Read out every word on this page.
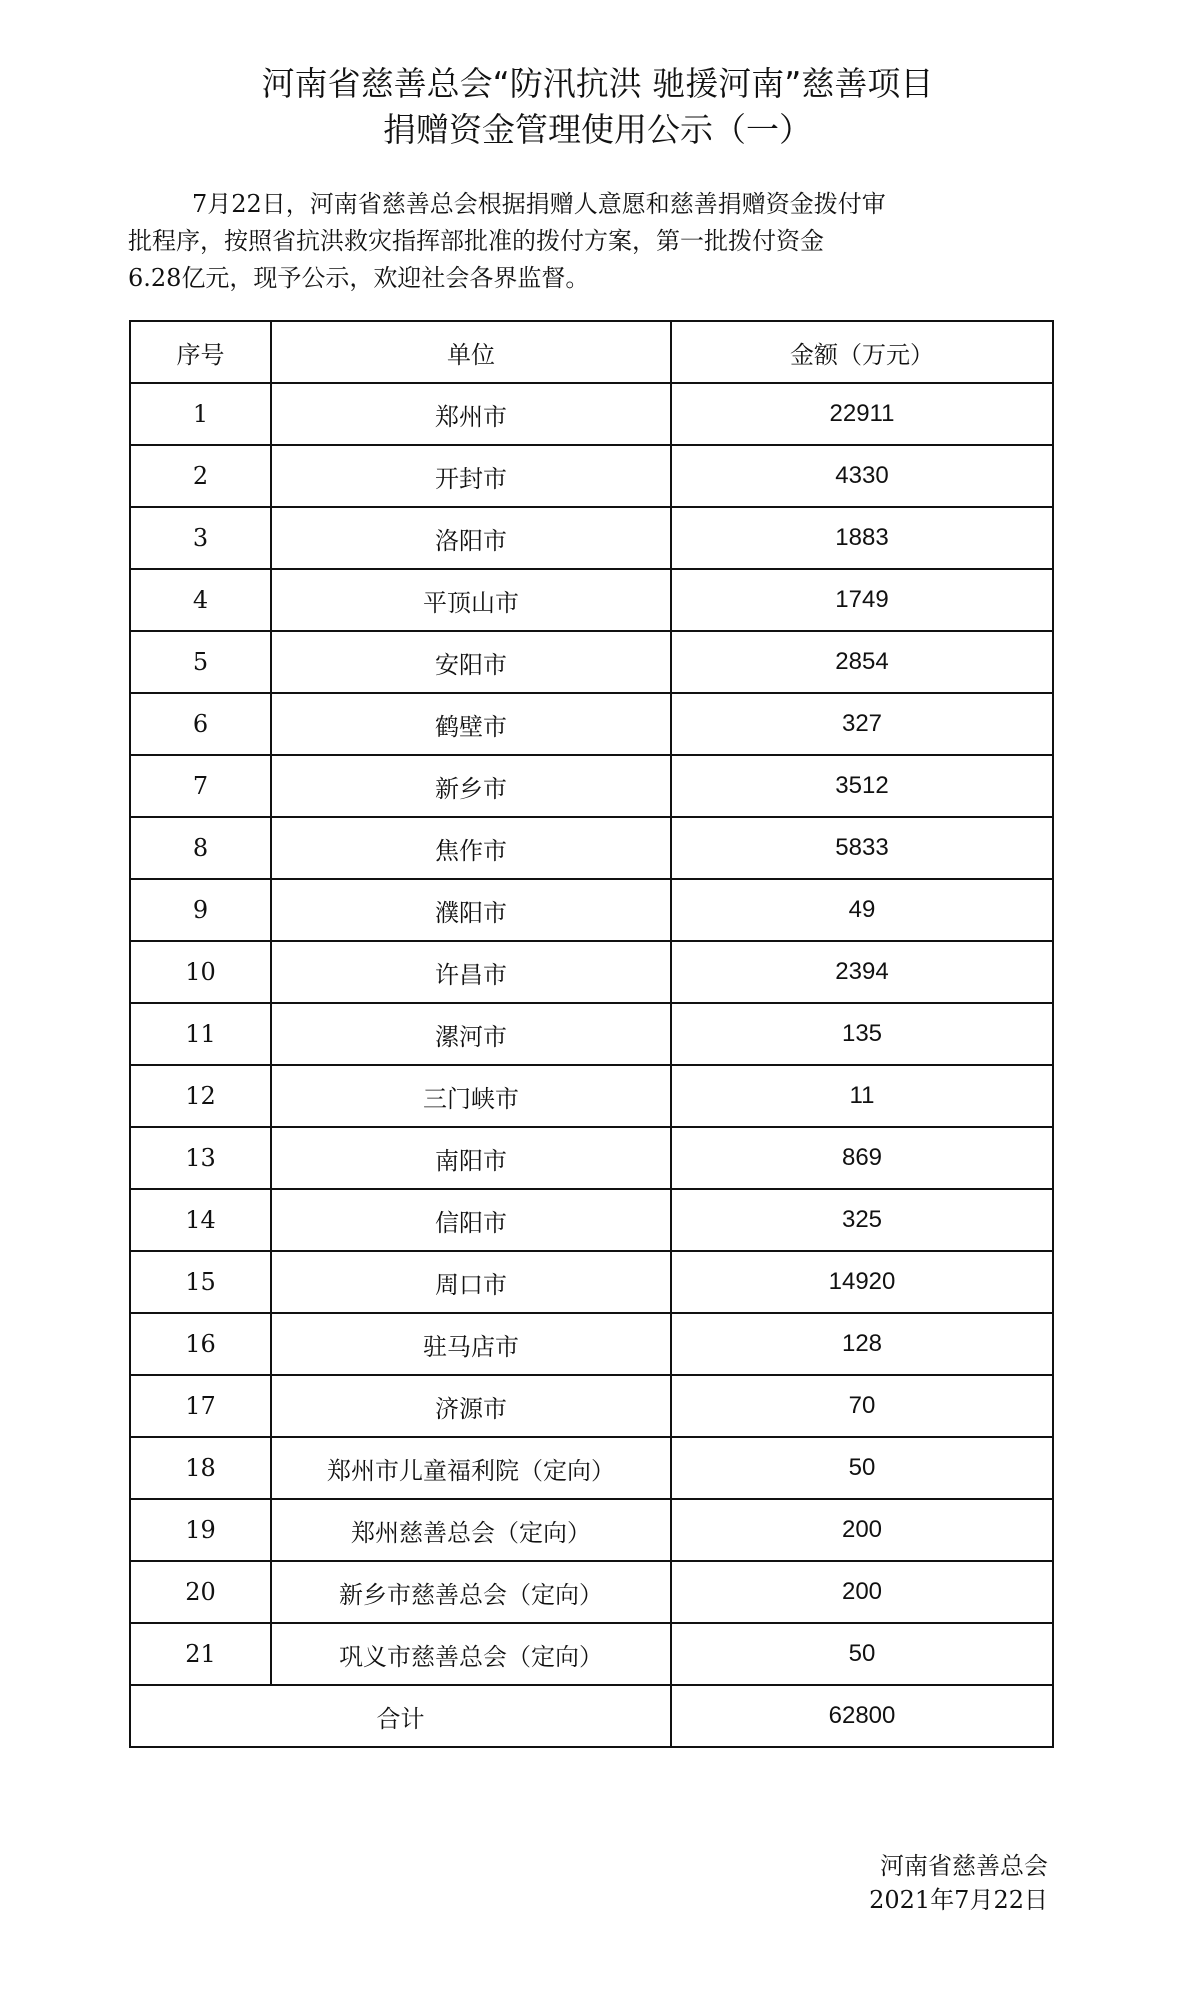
河南省慈善总会“防汛抗洪 驰援河南”慈善项目
捐赠资金管理使用公示（一）

7月22日，河南省慈善总会根据捐赠人意愿和慈善捐赠资金拨付审

批程序，按照省抗洪救灾指挥部批准的拨付方案，第一批拨付资金

6.28亿元，现予公示，欢迎社会各界监督。

序号	单位	金额（万元）
1	郑州市	22911
2	开封市	4330
3	洛阳市	1883
4	平顶山市	1749
5	安阳市	2854
6	鹤壁市	327
7	新乡市	3512
8	焦作市	5833
9	濮阳市	49
10	许昌市	2394
11	漯河市	135
12	三门峡市	11
13	南阳市	869
14	信阳市	325
15	周口市	14920
16	驻马店市	128
17	济源市	70
18	郑州市儿童福利院（定向）	50
19	郑州慈善总会（定向）	200
20	新乡市慈善总会（定向）	200
21	巩义市慈善总会（定向）	50
合计		62800
河南省慈善总会
2021年7月22日
